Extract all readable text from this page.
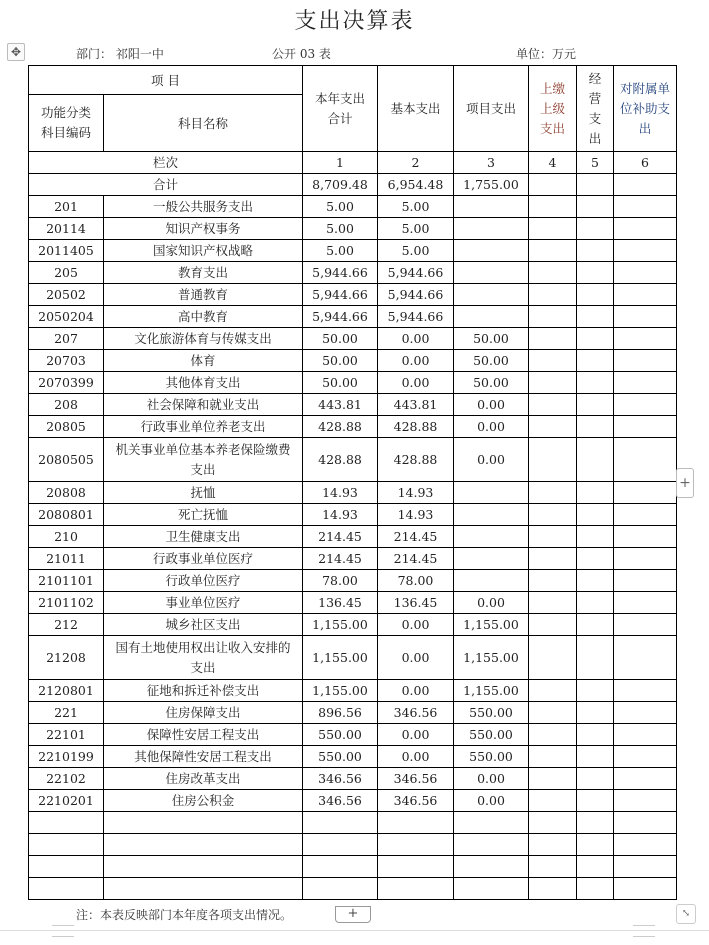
支出决算表
✥	部门： 祁阳一中	公开 03 表	单位：万元
项 目		本年支出合计	基本支出	项目支出	上缴上级支出	经营支出	对附属单位补助支出
功能分类科目编码	科目名称						
栏次		1	2	3	4	5	6
合计		8,709.48	6,954.48	1,755.00			
201	一般公共服务支出	5.00	5.00				
20114	知识产权事务	5.00	5.00				
2011405	国家知识产权战略	5.00	5.00				
205	教育支出	5,944.66	5,944.66				
20502	普通教育	5,944.66	5,944.66				
2050204	高中教育	5,944.66	5,944.66				
207	文化旅游体育与传媒支出	50.00	0.00	50.00			
20703	体育	50.00	0.00	50.00			
2070399	其他体育支出	50.00	0.00	50.00			
208	社会保障和就业支出	443.81	443.81	0.00			
20805	行政事业单位养老支出	428.88	428.88	0.00			
2080505	机关事业单位基本养老保险缴费支出	428.88	428.88	0.00			
20808	抚恤	14.93	14.93				
2080801	死亡抚恤	14.93	14.93				
210	卫生健康支出	214.45	214.45				
21011	行政事业单位医疗	214.45	214.45				
2101101	行政单位医疗	78.00	78.00				
2101102	事业单位医疗	136.45	136.45	0.00			
212	城乡社区支出	1,155.00	0.00	1,155.00			
21208	国有土地使用权出让收入安排的支出	1,155.00	0.00	1,155.00			
2120801	征地和拆迁补偿支出	1,155.00	0.00	1,155.00			
221	住房保障支出	896.56	346.56	550.00			
22101	保障性安居工程支出	550.00	0.00	550.00			
2210199	其他保障性安居工程支出	550.00	0.00	550.00			
22102	住房改革支出	346.56	346.56	0.00			
2210201	住房公积金	346.56	346.56	0.00			

+
注：本表反映部门本年度各项支出情况。	+	⤡
